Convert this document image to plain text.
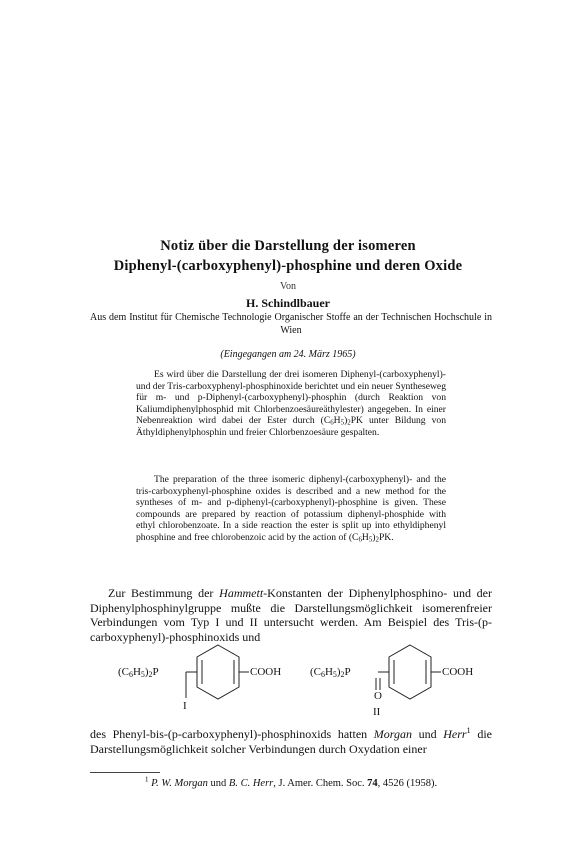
Notiz über die Darstellung der isomeren
Diphenyl-(carboxyphenyl)-phosphine und deren Oxide
Von
H. Schindlbauer
Aus dem Institut für Chemische Technologie Organischer Stoffe an der Technischen Hochschule in Wien
(Eingegangen am 24. März 1965)

Es wird über die Darstellung der drei isomeren Diphenyl-(carboxyphenyl)- und der Tris-carboxyphenyl-phosphinoxide berichtet und ein neuer Syntheseweg für m- und p-Diphenyl-(carboxyphenyl)-phosphin (durch Reaktion von Kaliumdiphenylphosphid mit Chlorbenzoesäureäthylester) angegeben. In einer Nebenreaktion wird dabei der Ester durch $(C_6H_5)_2PK$ unter Bildung von Äthyldiphenylphosphin und freier Chlorbenzoesäure gespalten.

The preparation of the three isomeric diphenyl-(carboxyphenyl)- and the tris-carboxyphenyl-phosphine oxides is described and a new method for the syntheses of m- and p-diphenyl-(carboxyphenyl)-phosphine is given. These compounds are prepared by reaction of potassium diphenyl-phosphide with ethyl chlorobenzoate. In a side reaction the ester is split up into ethyldiphenyl phosphine and free chlorobenzoic acid by the action of $(C_6H_5)_2PK$.

Zur Bestimmung der Hammett-Konstanten der Diphenylphosphino- und der Diphenylphosphinylgruppe mußte die Darstellungsmöglichkeit isomerenfreier Verbindungen vom Typ I und II untersucht werden. Am Beispiel des Tris-(p-carboxyphenyl)-phosphinoxids und

$(C_6H_5)_2P$	COOH
I
$(C_6H_5)_2P$	COOH
O
II

des Phenyl-bis-(p-carboxyphenyl)-phosphinoxids hatten Morgan und Herr$^1$ die Darstellungsmöglichkeit solcher Verbindungen durch Oxydation einer

$^1$ P. W. Morgan und B. C. Herr, J. Amer. Chem. Soc. 74, 4526 (1958).
